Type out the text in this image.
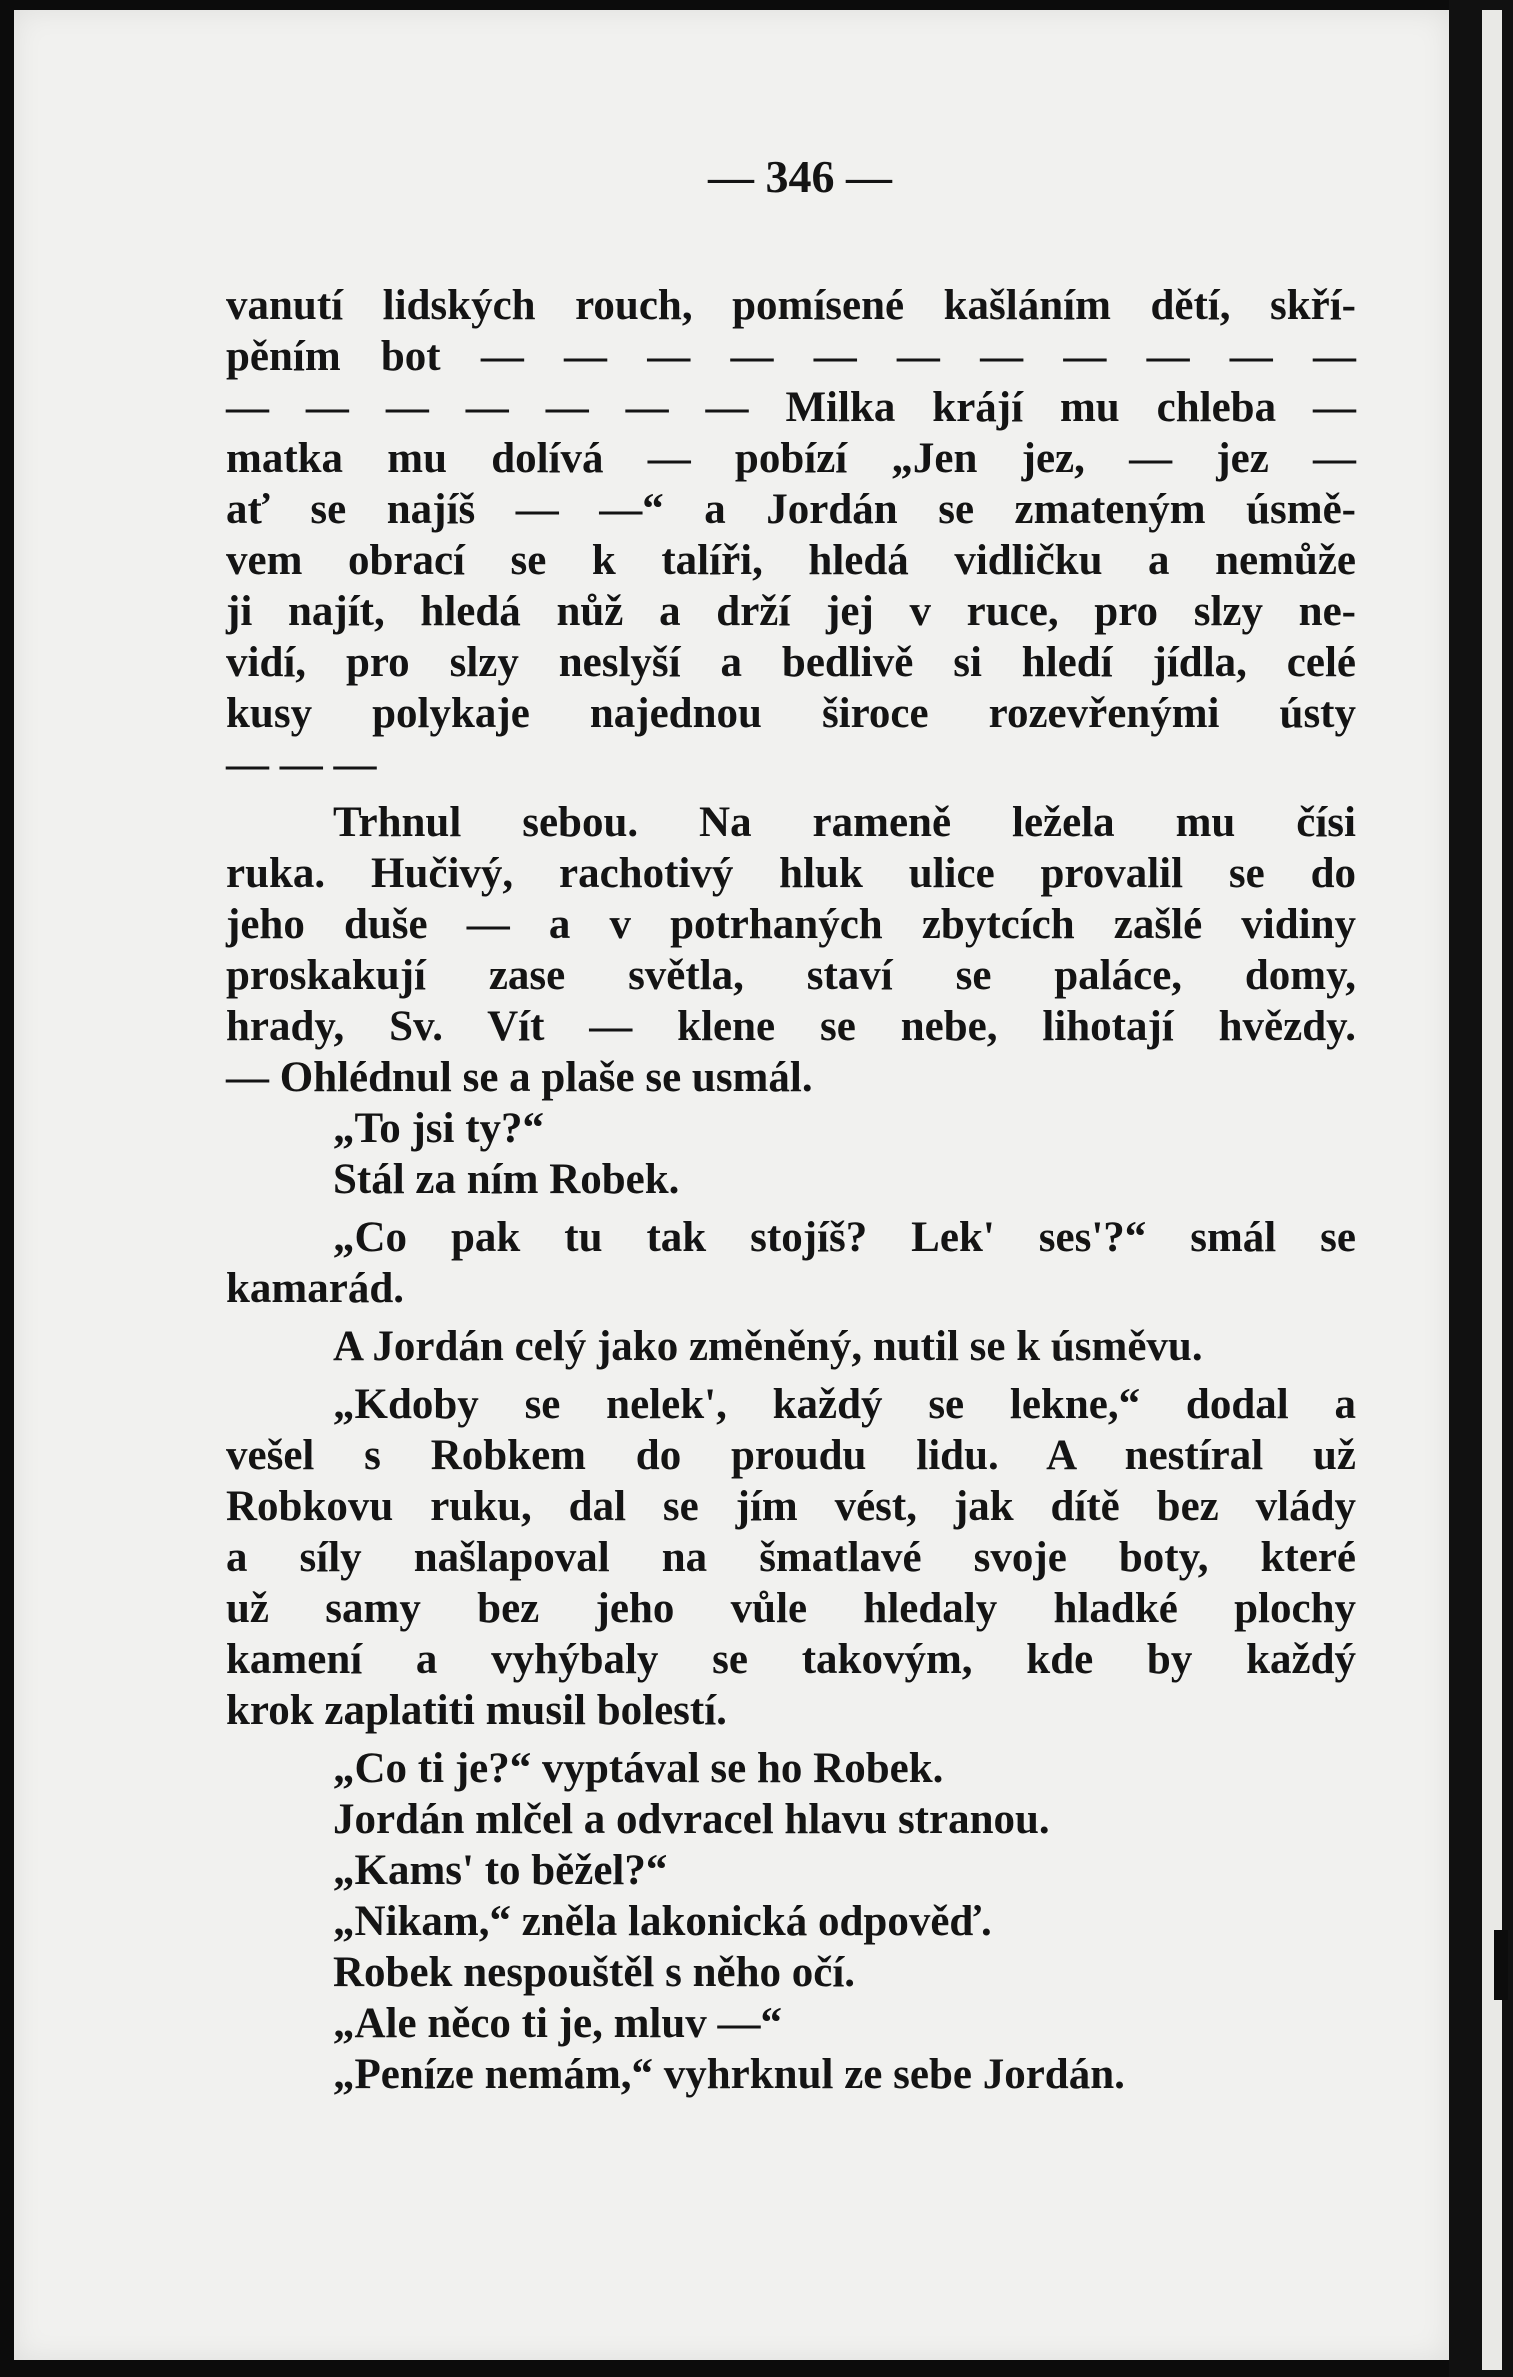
— 346 —
vanutí lidských rouch, pomísené kašláním dětí, skří-
pěním bot — — — — — — — — — — —
— — — — — — — Milka krájí mu chleba —
matka mu dolívá — pobízí „Jen jez, — jez —
ať se najíš — —“ a Jordán se zmateným úsmě-
vem obrací se k talíři, hledá vidličku a nemůže
ji najít, hledá nůž a drží jej v ruce, pro slzy ne-
vidí, pro slzy neslyší a bedlivě si hledí jídla, celé
kusy polykaje najednou široce rozevřenými ústy
— — —
Trhnul sebou. Na rameně ležela mu čísi
ruka. Hučivý, rachotivý hluk ulice provalil se do
jeho duše — a v potrhaných zbytcích zašlé vidiny
proskakují zase světla, staví se paláce, domy,
hrady, Sv. Vít — klene se nebe, lihotají hvězdy.
— Ohlédnul se a plaše se usmál.
„To jsi ty?“
Stál za ním Robek.
„Co pak tu tak stojíš? Lek' ses'?“ smál se
kamarád.
A Jordán celý jako změněný, nutil se k úsměvu.
„Kdoby se nelek', každý se lekne,“ dodal a
vešel s Robkem do proudu lidu. A nestíral už
Robkovu ruku, dal se jím vést, jak dítě bez vlády
a síly našlapoval na šmatlavé svoje boty, které
už samy bez jeho vůle hledaly hladké plochy
kamení a vyhýbaly se takovým, kde by každý
krok zaplatiti musil bolestí.
„Co ti je?“ vyptával se ho Robek.
Jordán mlčel a odvracel hlavu stranou.
„Kams' to běžel?“
„Nikam,“ zněla lakonická odpověď.
Robek nespouštěl s něho očí.
„Ale něco ti je, mluv —“
„Peníze nemám,“ vyhrknul ze sebe Jordán.
